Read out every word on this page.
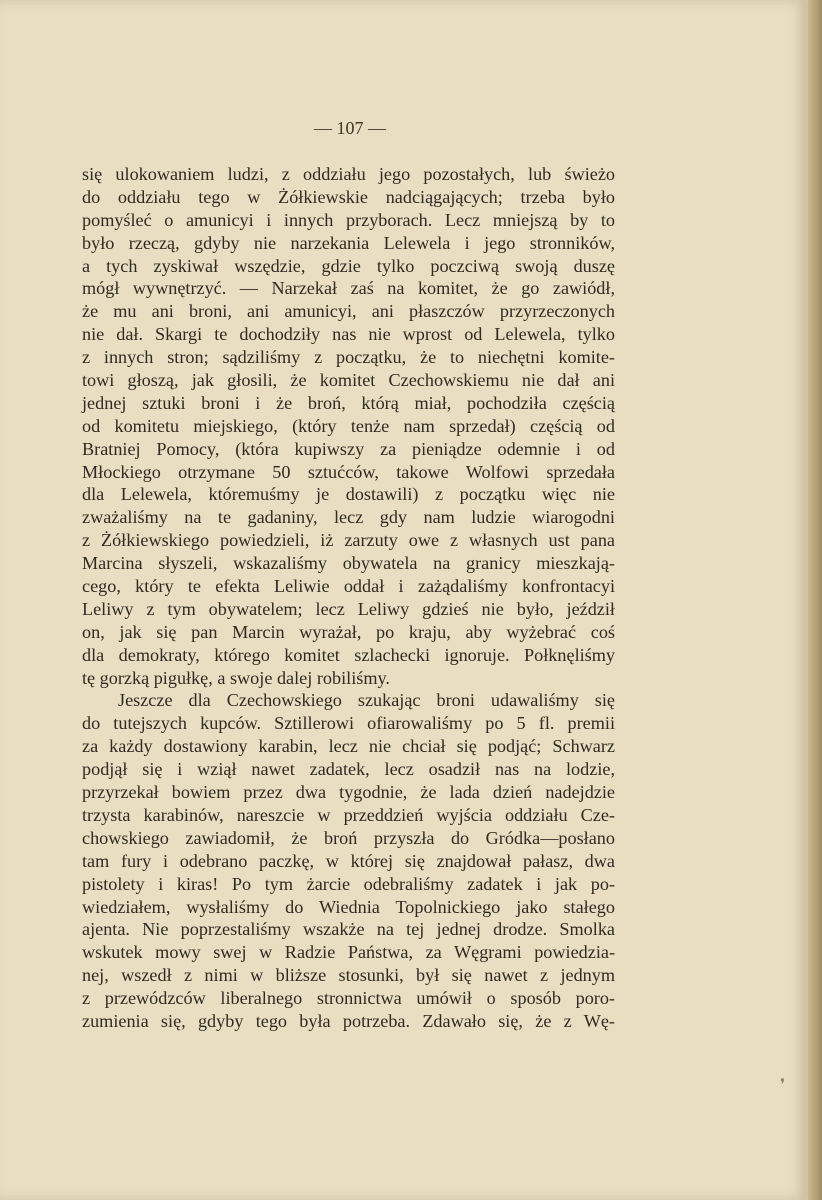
— 107 —
się ulokowaniem ludzi, z oddziału jego pozostałych, lub świeżo
do oddziału tego w Żółkiewskie nadciągających; trzeba było
pomyśleć o amunicyi i innych przyborach. Lecz mniejszą by to
było rzeczą, gdyby nie narzekania Lelewela i jego stronników,
a tych zyskiwał wszędzie, gdzie tylko poczciwą swoją duszę
mógł wywnętrzyć. — Narzekał zaś na komitet, że go zawiódł,
że mu ani broni, ani amunicyi, ani płaszczów przyrzeczonych
nie dał. Skargi te dochodziły nas nie wprost od Lelewela, tylko
z innych stron; sądziliśmy z początku, że to niechętni komite-
towi głoszą, jak głosili, że komitet Czechowskiemu nie dał ani
jednej sztuki broni i że broń, którą miał, pochodziła częścią
od komitetu miejskiego, (który tenże nam sprzedał) częścią od
Bratniej Pomocy, (która kupiwszy za pieniądze odemnie i od
Młockiego otrzymane 50 sztućców, takowe Wolfowi sprzedała
dla Lelewela, któremuśmy je dostawili) z początku więc nie
zważaliśmy na te gadaniny, lecz gdy nam ludzie wiarogodni
z Żółkiewskiego powiedzieli, iż zarzuty owe z własnych ust pana
Marcina słyszeli, wskazaliśmy obywatela na granicy mieszkają-
cego, który te efekta Leliwie oddał i zażądaliśmy konfrontacyi
Leliwy z tym obywatelem; lecz Leliwy gdzieś nie było, jeździł
on, jak się pan Marcin wyrażał, po kraju, aby wyżebrać coś
dla demokraty, którego komitet szlachecki ignoruje. Połknęliśmy
tę gorzką pigułkę, a swoje dalej robiliśmy.
Jeszcze dla Czechowskiego szukając broni udawaliśmy się
do tutejszych kupców. Sztillerowi ofiarowaliśmy po 5 fl. premii
za każdy dostawiony karabin, lecz nie chciał się podjąć; Schwarz
podjął się i wziął nawet zadatek, lecz osadził nas na lodzie,
przyrzekał bowiem przez dwa tygodnie, że lada dzień nadejdzie
trzysta karabinów, nareszcie w przeddzień wyjścia oddziału Cze-
chowskiego zawiadomił, że broń przyszła do Gródka—posłano
tam fury i odebrano paczkę, w której się znajdował pałasz, dwa
pistolety i kiras! Po tym żarcie odebraliśmy zadatek i jak po-
wiedziałem, wysłaliśmy do Wiednia Topolnickiego jako stałego
ajenta. Nie poprzestaliśmy wszakże na tej jednej drodze. Smolka
wskutek mowy swej w Radzie Państwa, za Węgrami powiedzia-
nej, wszedł z nimi w bliższe stosunki, był się nawet z jednym
z przewódzców liberalnego stronnictwa umówił o sposób poro-
zumienia się, gdyby tego była potrzeba. Zdawało się, że z Wę-
❜
